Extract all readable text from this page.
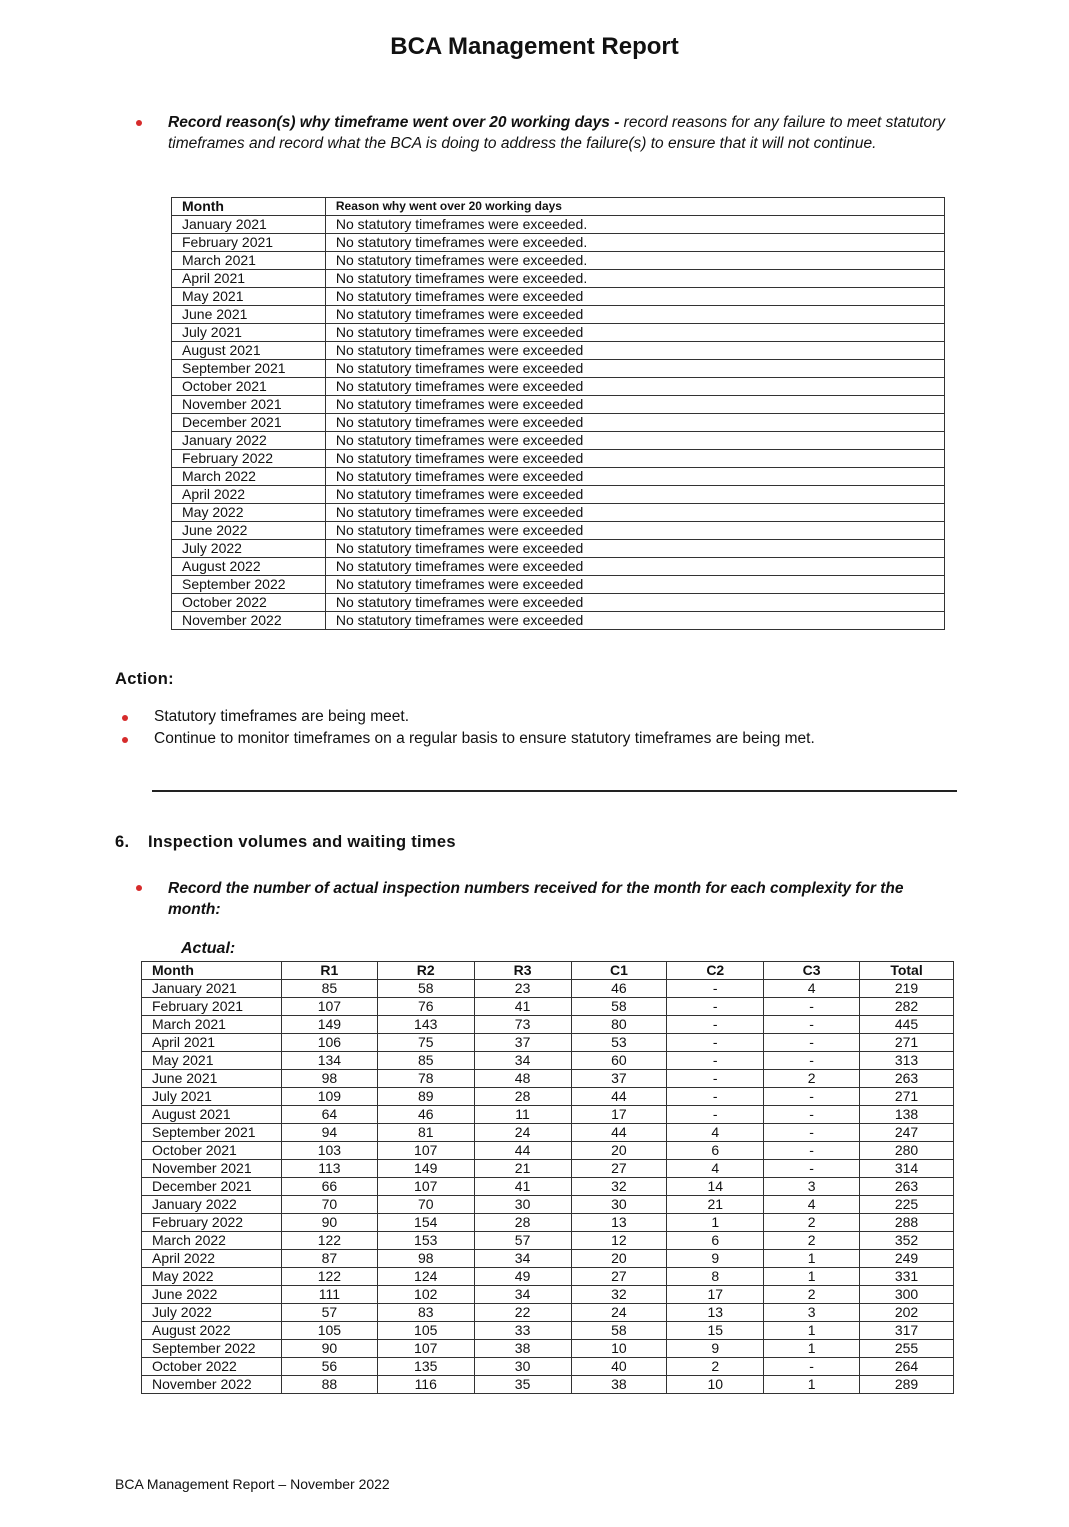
BCA Management Report
Record reason(s) why timeframe went over 20 working days - record reasons for any failure to meet statutory timeframes and record what the BCA is doing to address the failure(s) to ensure that it will not continue.
Month	Reason why went over 20 working days
January 2021	No statutory timeframes were exceeded.
February 2021	No statutory timeframes were exceeded.
March 2021	No statutory timeframes were exceeded.
April 2021	No statutory timeframes were exceeded.
May 2021	No statutory timeframes were exceeded
June 2021	No statutory timeframes were exceeded
July 2021	No statutory timeframes were exceeded
August 2021	No statutory timeframes were exceeded
September 2021	No statutory timeframes were exceeded
October 2021	No statutory timeframes were exceeded
November 2021	No statutory timeframes were exceeded
December 2021	No statutory timeframes were exceeded
January 2022	No statutory timeframes were exceeded
February 2022	No statutory timeframes were exceeded
March 2022	No statutory timeframes were exceeded
April 2022	No statutory timeframes were exceeded
May 2022	No statutory timeframes were exceeded
June 2022	No statutory timeframes were exceeded
July 2022	No statutory timeframes were exceeded
August 2022	No statutory timeframes were exceeded
September 2022	No statutory timeframes were exceeded
October 2022	No statutory timeframes were exceeded
November 2022	No statutory timeframes were exceeded
Action:
Statutory timeframes are being meet.
Continue to monitor timeframes on a regular basis to ensure statutory timeframes are being met.
6. Inspection volumes and waiting times
Record the number of actual inspection numbers received for the month for each complexity for the month:
Actual:
Month	R1	R2	R3	C1	C2	C3	Total
January 2021	85	58	23	46	-	4	219
February 2021	107	76	41	58	-	-	282
March 2021	149	143	73	80	-	-	445
April 2021	106	75	37	53	-	-	271
May 2021	134	85	34	60	-	-	313
June 2021	98	78	48	37	-	2	263
July 2021	109	89	28	44	-	-	271
August 2021	64	46	11	17	-	-	138
September 2021	94	81	24	44	4	-	247
October 2021	103	107	44	20	6	-	280
November 2021	113	149	21	27	4	-	314
December 2021	66	107	41	32	14	3	263
January 2022	70	70	30	30	21	4	225
February 2022	90	154	28	13	1	2	288
March 2022	122	153	57	12	6	2	352
April 2022	87	98	34	20	9	1	249
May 2022	122	124	49	27	8	1	331
June 2022	111	102	34	32	17	2	300
July 2022	57	83	22	24	13	3	202
August 2022	105	105	33	58	15	1	317
September 2022	90	107	38	10	9	1	255
October 2022	56	135	30	40	2	-	264
November 2022	88	116	35	38	10	1	289
BCA Management Report – November 2022
